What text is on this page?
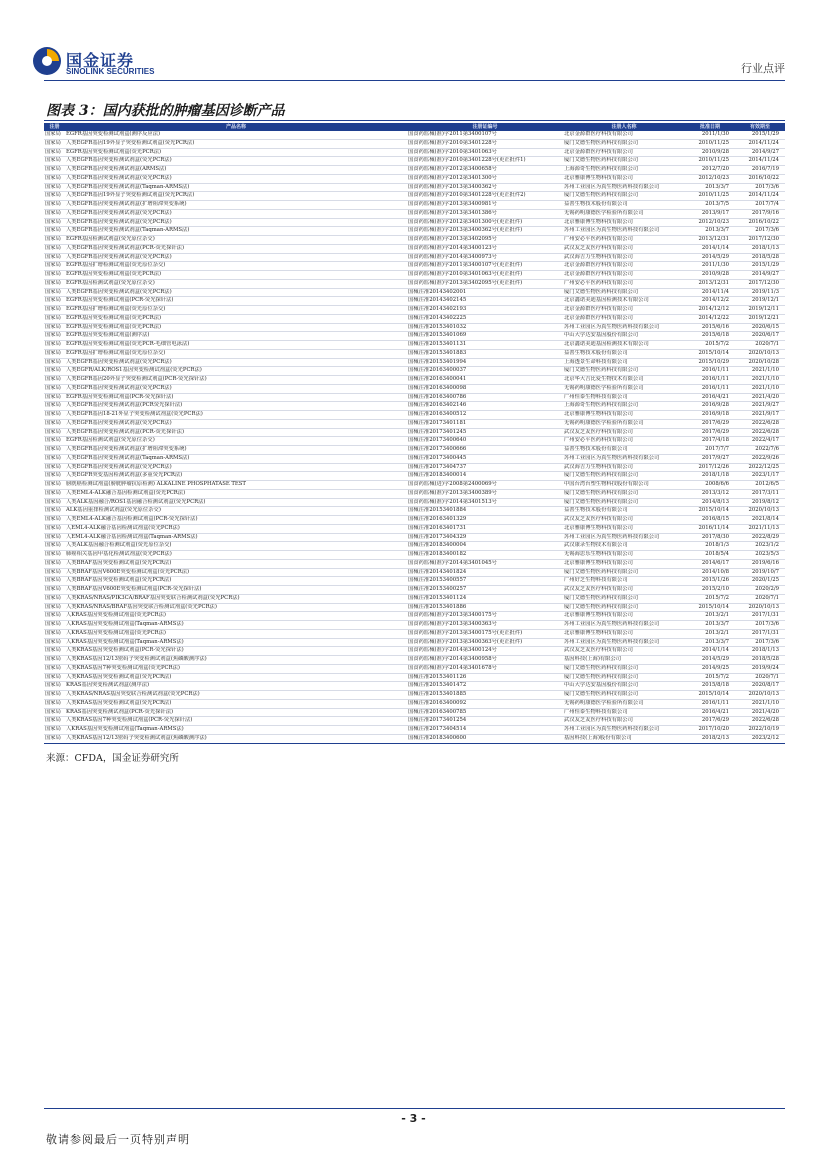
国金证券
SINOLINK SECURITIES	行业点评
图表 3：国内获批的肿瘤基因诊断产品
注册	产品名称	注册证编号	注册人名称	批准日期	有效期至
国家局	EGFR基因突变检测试剂盒(测序反应法)	国食药监械(准)字2011第3400107号	北京金源群医疗科技有限公司	2011/1/30	2015/1/29
国家局	人类EGFR基因19外显子突变检测试剂盒(荧光PCR法)	国食药监械(准)字2010第3401228号	厦门艾德生物医药科技有限公司	2010/11/25	2014/11/24
国家局	EGFR基因突变检测试剂盒(荧光PCR法)	国食药监械(准)字2010第3401063号	北京金源群医疗科技有限公司	2010/9/28	2014/9/27
国家局	人类EGFR基因突变检测试剂盒(荧光PCR法)	国食药监械(准)字2010第3401228号(更正批件1)	厦门艾德生物医药科技有限公司	2010/11/25	2014/11/24
国家局	人类EGFR基因突变检测试剂盒(ARMS法)	国食药监械(准)字2012第3400658号	上海源奇生物医药科技有限公司	2012/7/20	2016/7/19
国家局	人类EGFR基因突变检测试剂盒(荧光PCR法)	国食药监械(准)字2012第3401300号	北京雅康博生物科技有限公司	2012/10/23	2016/10/22
国家局	人类EGFR基因突变检测试剂盒(Taqman-ARMS法)	国食药监械(准)字2013第3400362号	苏州工业园区为真生物医药科技有限公司	2013/3/7	2017/3/6
国家局	人类EGFR基因19外显子突变检测试剂盒(荧光PCR法)	国食药监械(准)字2010第3401228号(更正批件2)	厦门艾德生物医药科技有限公司	2010/11/25	2014/11/24
国家局	人类EGFR基因突变检测试剂盒(扩增阻滞突变系统)	国食药监械(准)字2013第3400981号	益善生物技术股份有限公司	2013/7/5	2017/7/4
国家局	人类EGFR基因突变检测试剂盒(荧光PCR法)	国食药监械(准)字2013第3401386号	无锡药明康德医学检验所有限公司	2013/9/17	2017/9/16
国家局	人类EGFR基因突变检测试剂盒(荧光PCR法)	国食药监械(准)字2012第3401300号(更正批件)	北京雅康博生物科技有限公司	2012/10/23	2016/10/22
国家局	人类EGFR基因突变检测试剂盒(Taqman-ARMS法)	国食药监械(准)字2013第3400362号(更正批件)	苏州工业园区为真生物医药科技有限公司	2013/3/7	2017/3/6
国家局	EGFR基因检测试剂盒(荧光原位杂交)	国食药监械(准)字2013第3402095号	广州安必平医药科技有限公司	2013/12/31	2017/12/30
国家局	人类EGFR基因突变检测试剂盒(PCR-荧光探针法)	国食药监械(准)字2014第3400123号	武汉友芝友医疗科技有限公司	2014/1/14	2018/1/13
国家局	人类EGFR基因突变检测试剂盒(荧光PCR法)	国食药监械(准)字2014第3400973号	武汉海吉力生物科技有限公司	2014/5/29	2018/5/28
国家局	EGFR基因扩增检测试剂盒(荧光原位杂交)	国食药监械(准)字2011第3400107号(更正批件)	北京金源群医疗科技有限公司	2011/1/30	2015/1/29
国家局	EGFR基因突变检测试剂盒(荧光PCR法)	国食药监械(准)字2010第3401063号(更正批件)	北京金源群医疗科技有限公司	2010/9/28	2014/9/27
国家局	EGFR基因检测试剂盒(荧光原位杂交)	国食药监械(准)字2013第3402095号(更正批件)	广州安必平医药科技有限公司	2013/12/31	2017/12/30
国家局	人类EGFR基因突变检测试剂盒(荧光PCR法)	国械注准20143402001	厦门艾德生物医药科技有限公司	2014/11/4	2019/11/3
国家局	EGFR基因突变检测试剂盒(PCR-荧光探针法)	国械注准20143402145	北京鑫诺美迪基因检测技术有限公司	2014/12/2	2019/12/1
国家局	EGFR基因扩增检测试剂盒(荧光原位杂交)	国械注准20143402193	北京金源群医疗科技有限公司	2014/12/12	2019/12/11
国家局	EGFR基因突变检测试剂盒(荧光PCR法)	国械注准20143402225	北京金源群医疗科技有限公司	2014/12/22	2019/12/21
国家局	EGFR基因突变检测试剂盒(荧光PCR法)	国械注准20153401032	苏州工业园区为真生物医药科技有限公司	2015/6/16	2020/6/15
国家局	EGFR基因突变检测试剂盒(测序法)	国械注准20153401069	中山大学达安基因股份有限公司	2015/6/18	2020/6/17
国家局	EGFR基因突变检测试剂盒(荧光PCR-毛细管电泳法)	国械注准20153401131	北京鑫诺美迪基因检测技术有限公司	2015/7/2	2020/7/1
国家局	EGFR基因扩增检测试剂盒(荧光原位杂交)	国械注准20153401883	益善生物技术股份有限公司	2015/10/14	2020/10/13
国家局	人类EGFR基因突变检测试剂盒(荧光PCR法)	国械注准20153401994	上海透景生命科技有限公司	2015/10/29	2020/10/28
国家局	人类EGFR/ALK/ROS1基因突变检测试剂盒(荧光PCR法)	国械注准20163400037	厦门艾德生物医药科技有限公司	2016/1/11	2021/1/10
国家局	人类EGFR基因20外显子突变检测试剂盒(PCR-荧光探针法)	国械注准20163400041	北京华大吉比爱生物技术有限公司	2016/1/11	2021/1/10
国家局	人类EGFR基因突变检测试剂盒(荧光PCR法)	国械注准20163400098	无锡药明康德医学检验所有限公司	2016/1/11	2021/1/10
国家局	EGFR基因突变检测试剂盒(PCR-荧光探针法)	国械注准20163400786	广州恒泰生物科技有限公司	2016/4/21	2021/4/20
国家局	人类EGFR基因突变检测试剂盒(PCR荧光探针法)	国械注准20163402146	上海源奇生物医药科技有限公司	2016/9/28	2021/9/27
国家局	人类EGFR基因18-21外显子突变检测试剂盒(荧光PCR法)	国械注准20163400512	北京雅康博生物科技有限公司	2016/9/18	2021/9/17
国家局	人类EGFR基因突变检测试剂盒(荧光PCR法)	国械注准20173401181	无锡药明康德医学检验所有限公司	2017/6/29	2022/6/28
国家局	人类EGFR基因突变检测试剂盒(PCR-荧光探针法)	国械注准20173401245	武汉友芝友医疗科技有限公司	2017/6/29	2022/6/28
国家局	EGFR基因检测试剂盒(荧光原位杂交)	国械注准20173400640	广州安必平医药科技有限公司	2017/4/18	2022/4/17
国家局	人类EGFR基因突变检测试剂盒(扩增阻滞突变系统)	国械注准20173400666	益善生物技术股份有限公司	2017/7/7	2022/7/6
国家局	人类EGFR基因突变检测试剂盒(Taqman-ARMS法)	国械注准20173400445	苏州工业园区为真生物医药科技有限公司	2017/9/27	2022/9/26
国家局	人类EGFR基因突变检测试剂盒(荧光PCR法)	国械注准20173404737	武汉海吉力生物科技有限公司	2017/12/26	2022/12/25
国家局	人类EGFR突变基因检测试剂盒(多重荧光PCR法)	国械注准20183400014	厦门艾德生物医药科技有限公司	2018/1/18	2023/1/17
国家局	膀胱癌检测试剂盒(膀胱肿瘤抗原检测) ALKALINE PHOSPHATASE TEST	国食药监械(进)字2008第2400069号	中国台湾台塑生物科技股份有限公司	2008/6/6	2012/6/5
国家局	人类EML4-ALK融合基因检测试剂盒(荧光PCR法)	国食药监械(准)字2013第3400389号	厦门艾德生物医药科技有限公司	2013/3/12	2017/3/11
国家局	人类ALK基因融合/ROS1基因融合检测试剂盒(荧光PCR法)	国食药监械(准)字2014第3401513号	厦门艾德生物医药科技有限公司	2014/8/13	2019/8/12
国家局	ALK基因重排检测试剂盒(荧光原位杂交)	国械注准20153401884	益善生物技术股份有限公司	2015/10/14	2020/10/13
国家局	人类EML4-ALK融合基因检测试剂盒(PCR-荧光探针法)	国械注准20163401329	武汉友芝友医疗科技有限公司	2016/8/15	2021/8/14
国家局	人EML4-ALK融合基因检测试剂盒(荧光PCR法)	国械注准20163401731	北京雅康博生物科技有限公司	2016/11/14	2021/11/13
国家局	人EML4-ALK融合基因检测试剂盒(Taqman-ARMS法)	国械注准20173404329	苏州工业园区为真生物医药科技有限公司	2017/8/30	2022/8/29
国家局	人类ALK基因融合检测试剂盒(荧光原位杂交)	国械注准20183400004	武汉康录生物技术有限公司	2018/1/3	2023/1/2
国家局	肺癌相关基因甲基化检测试剂盒(荧光PCR法)	国械注准20183400182	无锡海思乐生物科技有限公司	2018/5/4	2023/5/3
国家局	人类BRAF基因突变检测试剂盒(荧光PCR法)	国食药监械(准)字2014第3401045号	北京雅康博生物科技有限公司	2014/6/17	2019/6/16
国家局	人类BRAF基因V600E突变检测试剂盒(荧光PCR法)	国械注准20143401824	厦门艾德生物医药科技有限公司	2014/10/8	2019/10/7
国家局	人类BRAF基因突变检测试剂盒(荧光PCR法)	国械注准20153400557	广州好芝生物科技有限公司	2015/1/26	2020/1/25
国家局	人类BRAF基因V600E突变检测试剂盒(PCR-荧光探针法)	国械注准20153400257	武汉友芝友医疗科技有限公司	2015/2/10	2020/2/9
国家局	人类KRAS/NRAS/PIK3CA/BRAF基因突变联合检测试剂盒(荧光PCR法)	国械注准20153401124	厦门艾德生物医药科技有限公司	2015/7/2	2020/7/1
国家局	人类KRAS/NRAS/BRAF基因突变联合检测试剂盒(荧光PCR法)	国械注准20153401886	厦门艾德生物医药科技有限公司	2015/10/14	2020/10/13
国家局	人KRAS基因突变检测试剂盒(荧光PCR法)	国食药监械(准)字2013第3400175号	北京雅康博生物科技有限公司	2013/2/1	2017/1/31
国家局	人KRAS基因突变检测试剂盒(Taqman-ARMS法)	国食药监械(准)字2013第3400363号	苏州工业园区为真生物医药科技有限公司	2013/3/7	2017/3/6
国家局	人KRAS基因突变检测试剂盒(荧光PCR法)	国食药监械(准)字2013第3400175号(更正批件)	北京雅康博生物科技有限公司	2013/2/1	2017/1/31
国家局	人KRAS基因突变检测试剂盒(Taqman-ARMS法)	国食药监械(准)字2013第3400363号(更正批件)	苏州工业园区为真生物医药科技有限公司	2013/3/7	2017/3/6
国家局	人类KRAS基因突变检测试剂盒(PCR-荧光探针法)	国食药监械(准)字2014第3400124号	武汉友芝友医疗科技有限公司	2014/1/14	2018/1/13
国家局	人类KRAS基因12/13密码子突变检测试剂盒(焦磷酸测序法)	国食药监械(准)字2014第3400958号	基因科技(上海)有限公司	2014/5/29	2018/5/28
国家局	人类KRAS基因7种突变检测试剂盒(荧光PCR法)	国食药监械(准)字2014第3401678号	厦门艾德生物医药科技有限公司	2014/9/25	2019/9/24
国家局	人类KRAS基因突变检测试剂盒(荧光PCR法)	国械注准20153401126	厦门艾德生物医药科技有限公司	2015/7/2	2020/7/1
国家局	KRAS基因突变检测试剂盒(测序法)	国械注准20153401472	中山大学达安基因股份有限公司	2015/8/18	2020/8/17
国家局	人类KRAS/NRAS基因突变联合检测试剂盒(荧光PCR法)	国械注准20153401885	厦门艾德生物医药科技有限公司	2015/10/14	2020/10/13
国家局	人类KRAS基因突变检测试剂盒(荧光PCR法)	国械注准20163400092	无锡药明康德医学检验所有限公司	2016/1/11	2021/1/10
国家局	KRAS基因突变检测试剂盒(PCR-荧光探针法)	国械注准20163400785	广州恒泰生物科技有限公司	2016/4/21	2021/4/20
国家局	人类KRAS基因7种突变检测试剂盒(PCR-荧光探针法)	国械注准20173401254	武汉友芝友医疗科技有限公司	2017/6/29	2022/6/28
国家局	人KRAS基因突变检测试剂盒(Taqman-ARMS法)	国械注准20173404514	苏州工业园区为真生物医药科技有限公司	2017/10/20	2022/10/19
国家局	人类KRAS基因12/13密码子突变检测试剂盒(焦磷酸测序法)	国械注准20183400600	基因科技(上海)股份有限公司	2018/2/13	2023/2/12
来源：CFDA，国金证券研究所
- 3 -
敬请参阅最后一页特别声明
